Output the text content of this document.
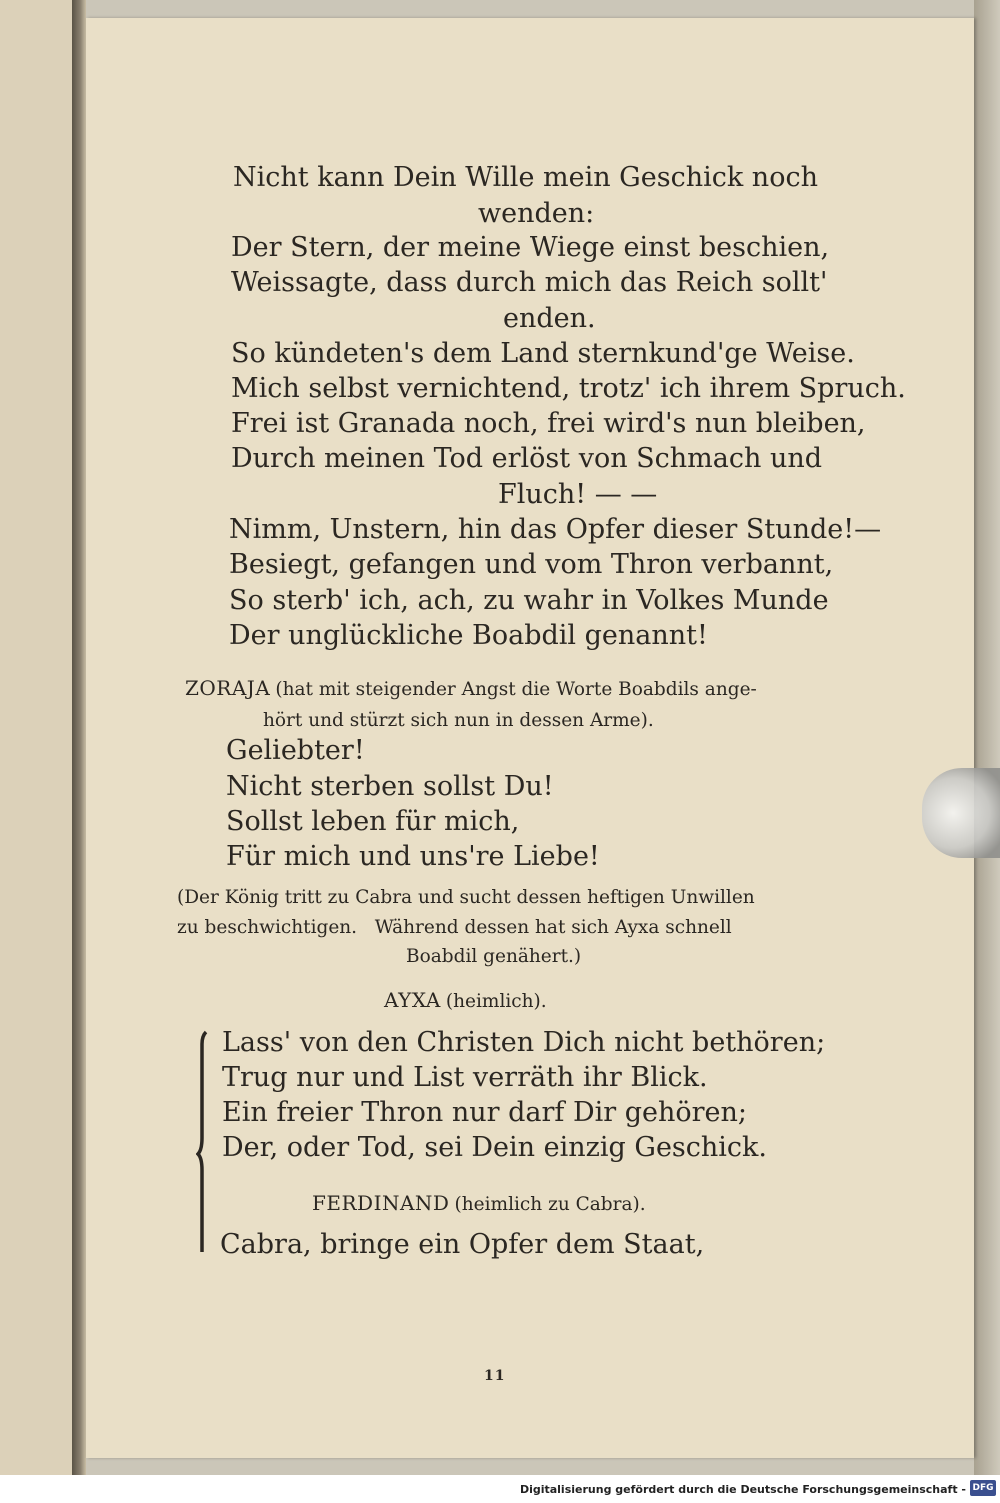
Nicht kann Dein Wille mein Geschick noch
wenden:
Der Stern, der meine Wiege einst beschien,
Weissagte, dass durch mich das Reich sollt'
enden.
So kündeten's dem Land sternkund'ge Weise.
Mich selbst vernichtend, trotz' ich ihrem Spruch.
Frei ist Granada noch, frei wird's nun bleiben,
Durch meinen Tod erlöst von Schmach und
Fluch! — —
Nimm, Unstern, hin das Opfer dieser Stunde!—
Besiegt, gefangen und vom Thron verbannt,
So sterb' ich, ach, zu wahr in Volkes Munde
Der unglückliche Boabdil genannt!
ZORAJA (hat mit steigender Angst die Worte Boabdils ange-
hört und stürzt sich nun in dessen Arme).
Geliebter!
Nicht sterben sollst Du!
Sollst leben für mich,
Für mich und uns're Liebe!
(Der König tritt zu Cabra und sucht dessen heftigen Unwillen
zu beschwichtigen.   Während dessen hat sich Ayxa schnell
Boabdil genähert.)
AYXA (heimlich).
Lass' von den Christen Dich nicht bethören;
Trug nur und List verräth ihr Blick.
Ein freier Thron nur darf Dir gehören;
Der, oder Tod, sei Dein einzig Geschick.
FERDINAND (heimlich zu Cabra).
Cabra, bringe ein Opfer dem Staat,
11
Digitalisierung gefördert durch die Deutsche Forschungsgemeinschaft - DFG
